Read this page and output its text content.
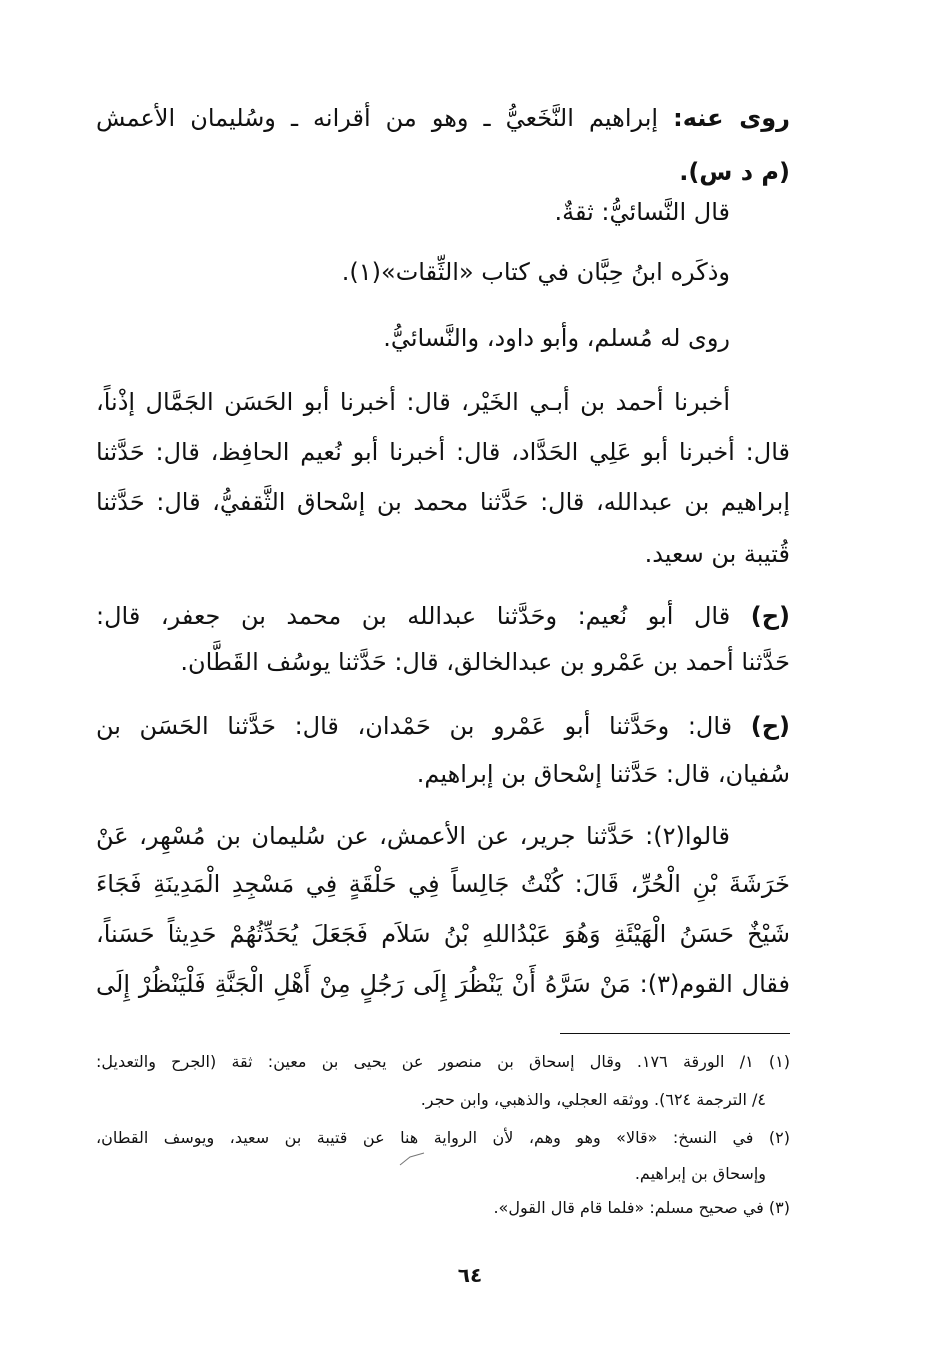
روى عنه: إبراهيم النَّخَعيُّ ـ وهو من أقرانه ـ وسُليمان الأعمش

(م د س).

قال النَّسائيُّ: ثقةٌ.

وذكَره ابنُ حِبَّان في كتاب «الثِّقات»(١).

روى له مُسلم، وأبو داود، والنَّسائيُّ.

أخبرنا أحمد بن أبـي الخَيْر، قال: أخبرنا أبو الحَسَن الجَمَّال إذْناً،

قال: أخبرنا أبو عَلِي الحَدَّاد، قال: أخبرنا أبو نُعيم الحافِظ، قال: حَدَّثنا

إبراهيم بن عبدالله، قال: حَدَّثنا محمد بن إسْحاق الثَّقفيُّ، قال: حَدَّثنا

قُتيبة بن سعيد.

(ح) قال أبو نُعيم: وحَدَّثنا عبدالله بن محمد بن جعفر، قال:

حَدَّثنا أحمد بن عَمْرو بن عبدالخالق، قال: حَدَّثنا يوسُف القَطَّان.

(ح) قال: وحَدَّثنا أبو عَمْرو بن حَمْدان، قال: حَدَّثنا الحَسَن بن

سُفيان، قال: حَدَّثنا إسْحاق بن إبراهيم.

قالوا(٢): حَدَّثنا جرير، عن الأعمش، عن سُليمان بن مُسْهِر، عَنْ

خَرَشَةَ بْنِ الْحُرِّ، قَالَ: كُنْتُ جَالِساً فِي حَلْقَةٍ فِي مَسْجِدِ الْمَدِينَةِ فَجَاءَ

شَيْخٌ حَسَنُ الْهَيْئَةِ وَهُوَ عَبْدُاللهِ بْنُ سَلاَم فَجَعَلَ يُحَدِّثُهُمْ حَدِيثاً حَسَناً،

فقال القوم(٣): مَنْ سَرَّهُ أَنْ يَنْظُرَ إِلَى رَجُلٍ مِنْ أَهْلِ الْجَنَّةِ فَلْيَنْظُرْ إِلَى

(١) ١/ الورقة ١٧٦. وقال إسحاق بن منصور عن يحيى بن معين: ثقة (الجرح والتعديل:

٤/ الترجمة ٦٢٤). ووثقه العجلي، والذهبي، وابن حجر.

(٢) في النسخ: «قالا» وهو وهم، لأن الرواية هنا عن قتيبة بن سعيد، ويوسف القطان،

وإسحاق بن إبراهيم.

(٣) في صحيح مسلم: «فلما قام قال القول».

٦٤
